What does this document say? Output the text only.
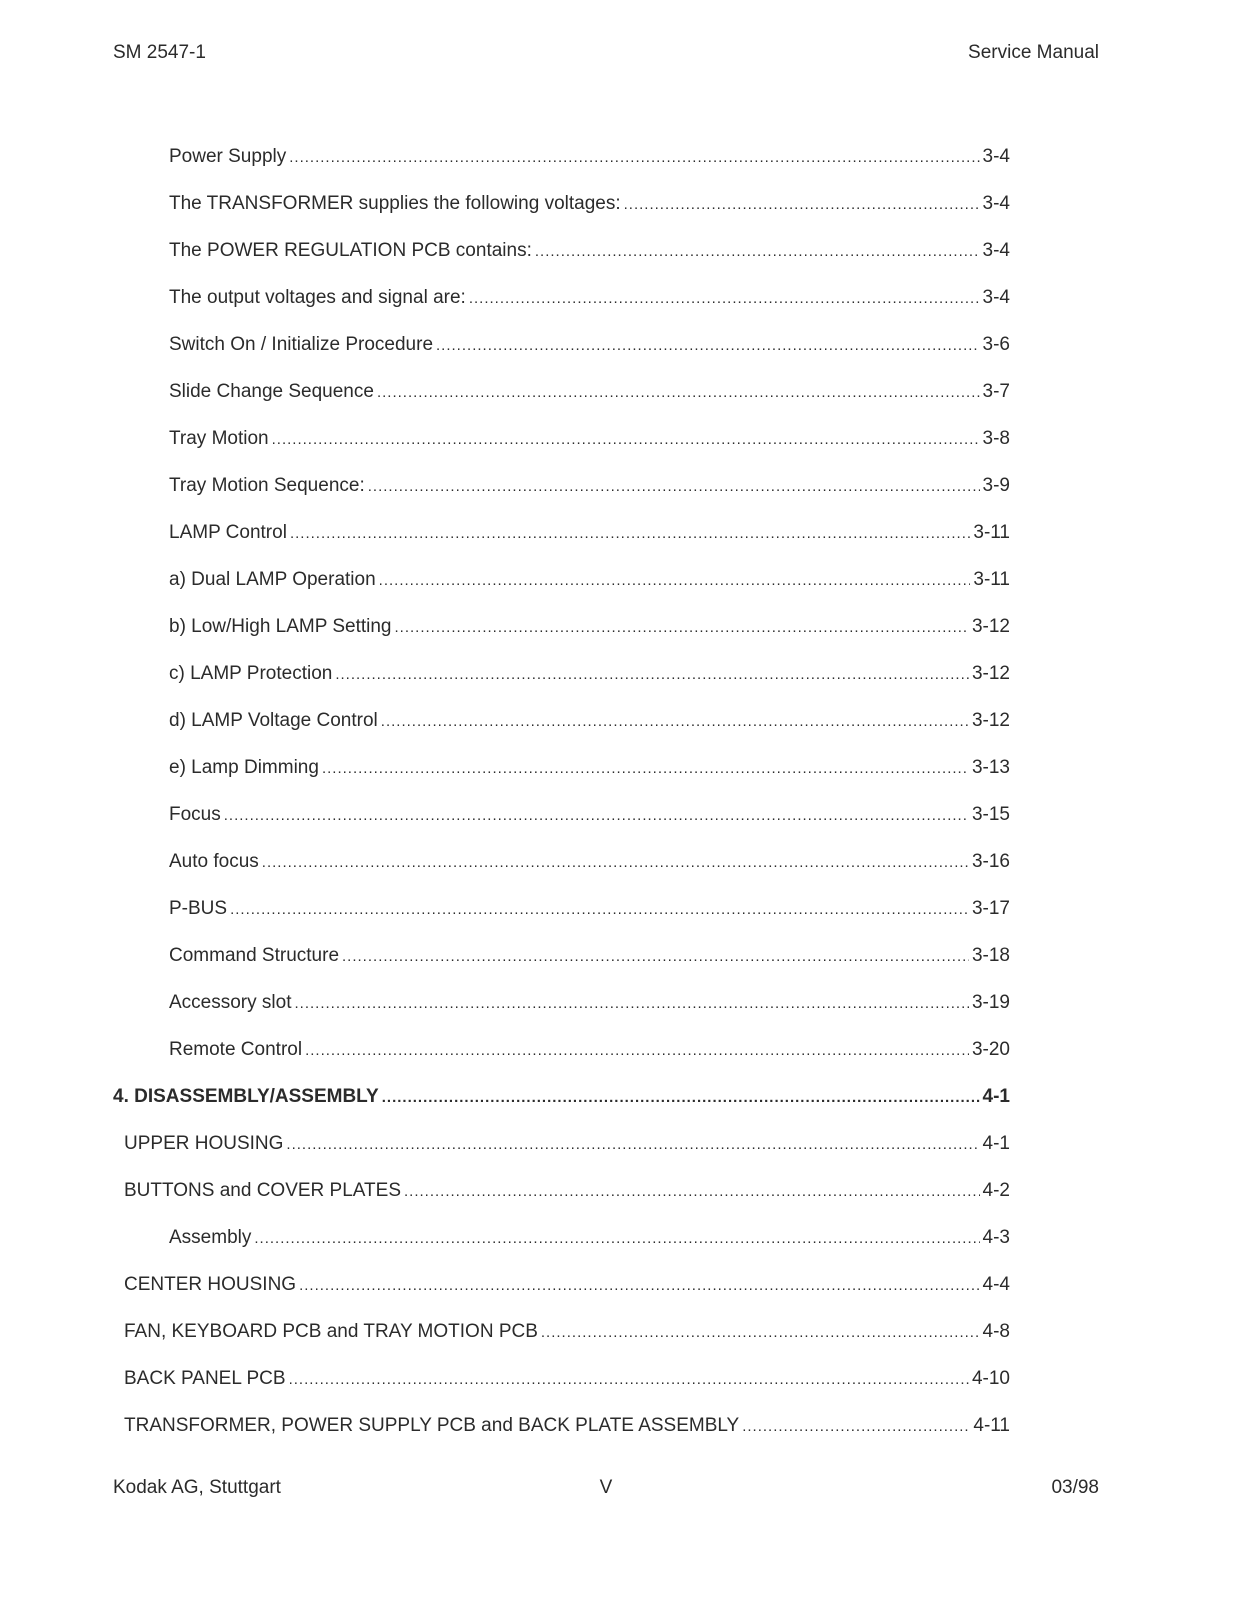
SM 2547-1	Service Manual
Power Supply .....	3-4
The TRANSFORMER supplies the following voltages: .....	3-4
The POWER REGULATION PCB contains: .....	3-4
The output voltages and signal are: .....	3-4
Switch On / Initialize Procedure .....	3-6
Slide Change Sequence .....	3-7
Tray Motion .....	3-8
Tray Motion Sequence: .....	3-9
LAMP Control .....	3-11
a) Dual LAMP Operation .....	3-11
b) Low/High LAMP Setting .....	3-12
c) LAMP Protection .....	3-12
d) LAMP Voltage Control .....	3-12
e) Lamp Dimming .....	3-13
Focus .....	3-15
Auto focus .....	3-16
P-BUS .....	3-17
Command Structure .....	3-18
Accessory slot .....	3-19
Remote Control .....	3-20
4. DISASSEMBLY/ASSEMBLY .....	4-1
UPPER HOUSING .....	4-1
BUTTONS and COVER PLATES .....	4-2
Assembly .....	4-3
CENTER HOUSING .....	4-4
FAN, KEYBOARD PCB and TRAY MOTION PCB .....	4-8
BACK PANEL PCB .....	4-10
TRANSFORMER, POWER SUPPLY PCB and BACK PLATE ASSEMBLY .....	4-11
Kodak AG, Stuttgart	V	03/98
